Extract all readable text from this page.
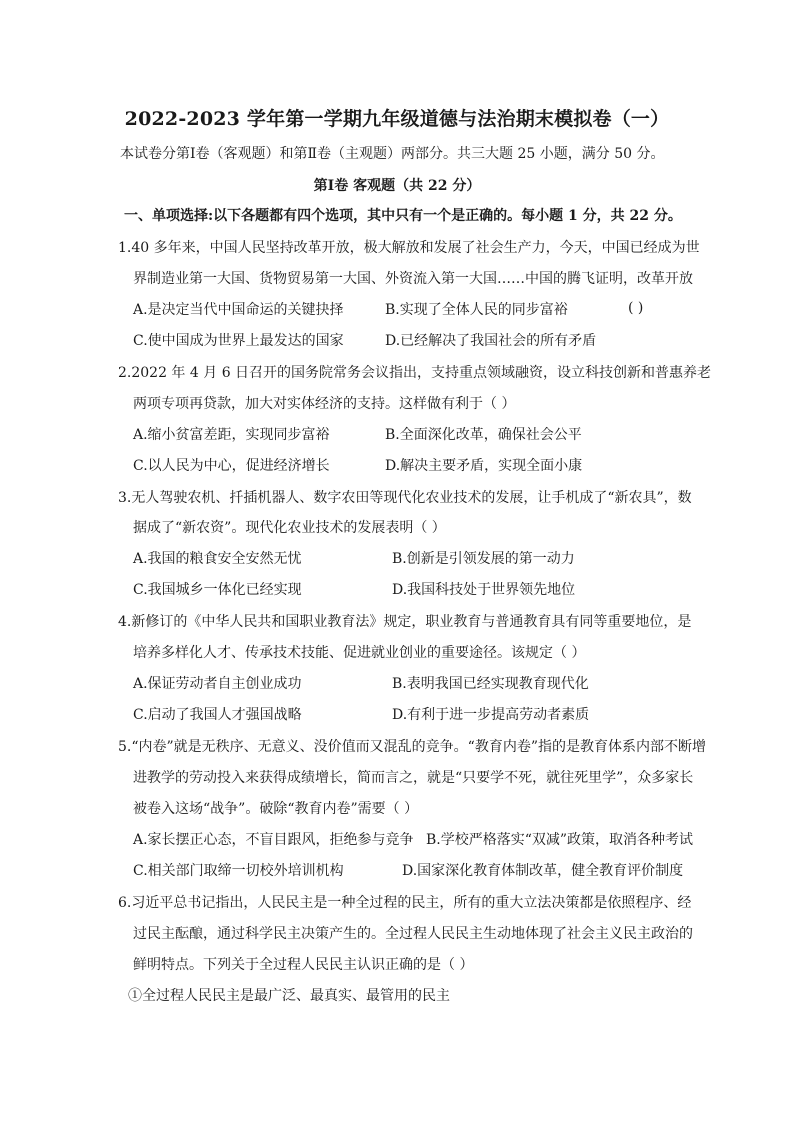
2022-2023 学年第一学期九年级道德与法治期末模拟卷（一）
本试卷分第Ⅰ卷（客观题）和第Ⅱ卷（主观题）两部分。共三大题 25 小题，满分 50 分。
第Ⅰ卷 客观题（共 22 分）
一、单项选择:以下各题都有四个选项，其中只有一个是正确的。每小题 1 分，共 22 分。
1.40 多年来，中国人民坚持改革开放，极大解放和发展了社会生产力，今天，中国已经成为世
界制造业第一大国、货物贸易第一大国、外资流入第一大国……中国的腾飞证明，改革开放
A.是决定当代中国命运的关键抉择	B.实现了全体人民的同步富裕	( )
C.使中国成为世界上最发达的国家	D.已经解决了我国社会的所有矛盾
2.2022 年 4 月 6 日召开的国务院常务会议指出，支持重点领域融资，设立科技创新和普惠养老
两项专项再贷款，加大对实体经济的支持。这样做有利于（ ）
A.缩小贫富差距，实现同步富裕	B.全面深化改革，确保社会公平
C.以人民为中心，促进经济增长	D.解决主要矛盾，实现全面小康
3.无人驾驶农机、扦插机器人、数字农田等现代化农业技术的发展，让手机成了“新农具”，数
据成了“新农资”。现代化农业技术的发展表明（ ）
A.我国的粮食安全安然无忧	B.创新是引领发展的第一动力
C.我国城乡一体化已经实现	D.我国科技处于世界领先地位
4.新修订的《中华人民共和国职业教育法》规定，职业教育与普通教育具有同等重要地位，是
培养多样化人才、传承技术技能、促进就业创业的重要途径。该规定（ ）
A.保证劳动者自主创业成功	B.表明我国已经实现教育现代化
C.启动了我国人才强国战略	D.有利于进一步提高劳动者素质
5.“内卷”就是无秩序、无意义、没价值而又混乱的竞争。“教育内卷”指的是教育体系内部不断增
进教学的劳动投入来获得成绩增长，简而言之，就是“只要学不死，就往死里学”，众多家长
被卷入这场“战争”。破除“教育内卷”需要（ ）
A.家长摆正心态，不盲目跟风，拒绝参与竞争 B.学校严格落实“双减”政策，取消各种考试
C.相关部门取缔一切校外培训机构	D.国家深化教育体制改革，健全教育评价制度
6.习近平总书记指出，人民民主是一种全过程的民主，所有的重大立法决策都是依照程序、经
过民主酝酿，通过科学民主决策产生的。全过程人民民主生动地体现了社会主义民主政治的
鲜明特点。下列关于全过程人民民主认识正确的是（ ）
①全过程人民民主是最广泛、最真实、最管用的民主
